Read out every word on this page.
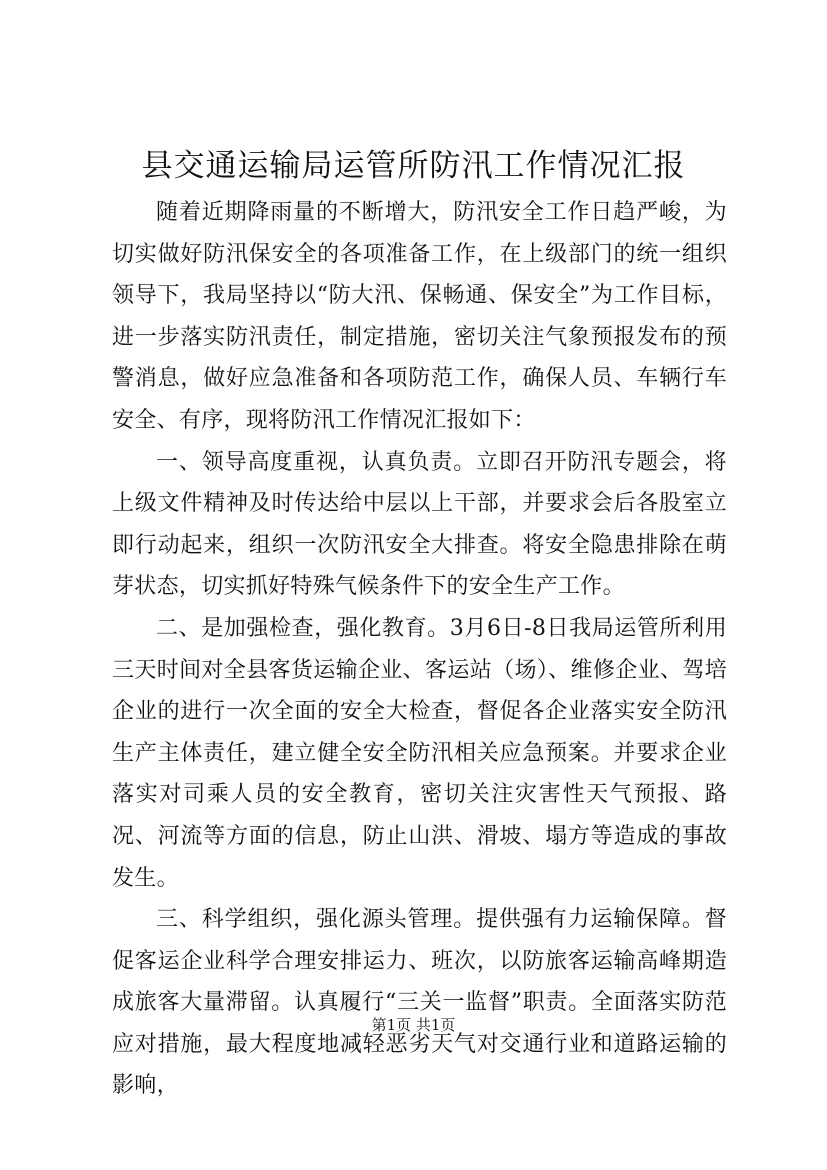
县交通运输局运管所防汛工作情况汇报

随着近期降雨量的不断增大，防汛安全工作日趋严峻，为切实做好防汛保安全的各项准备工作，在上级部门的统一组织领导下，我局坚持以“防大汛、保畅通、保安全”为工作目标，进一步落实防汛责任，制定措施，密切关注气象预报发布的预警消息，做好应急准备和各项防范工作，确保人员、车辆行车安全、有序，现将防汛工作情况汇报如下：

一、领导高度重视，认真负责。立即召开防汛专题会，将上级文件精神及时传达给中层以上干部，并要求会后各股室立即行动起来，组织一次防汛安全大排查。将安全隐患排除在萌芽状态，切实抓好特殊气候条件下的安全生产工作。

二、是加强检查，强化教育。3月6日-8日我局运管所利用三天时间对全县客货运输企业、客运站（场）、维修企业、驾培企业的进行一次全面的安全大检查，督促各企业落实安全防汛生产主体责任，建立健全安全防汛相关应急预案。并要求企业落实对司乘人员的安全教育，密切关注灾害性天气预报、路况、河流等方面的信息，防止山洪、滑坡、塌方等造成的事故发生。

三、科学组织，强化源头管理。提供强有力运输保障。督促客运企业科学合理安排运力、班次，以防旅客运输高峰期造成旅客大量滞留。认真履行“三关一监督”职责。全面落实防范应对措施，最大程度地减轻恶劣天气对交通行业和道路运输的影响，

第1页 共1页
